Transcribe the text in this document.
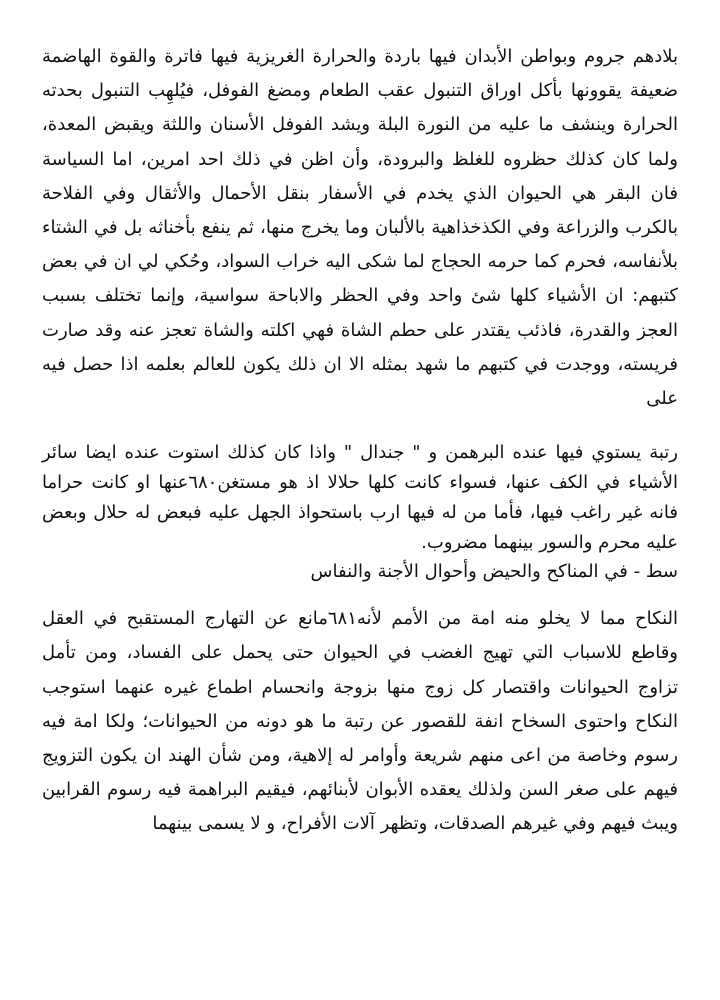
بلادهم جروم وبواطن الأبدان فيها باردة والحرارة الغريزية فيها فاترة والقوة الهاضمة ضعيفة يقوونها بأكل اوراق التنبول عقب الطعام ومضغ الفوفل، فيُلهِب التنبول بحدته الحرارة وينشف ما عليه من النورة البلة ويشد الفوفل الأسنان واللثة ويقبض المعدة، ولما كان كذلك حظروه للغلظ والبرودة، وأن اظن في ذلك احد امرين، اما السياسة فان البقر هي الحيوان الذي يخدم في الأسفار بنقل الأحمال والأثقال وفي الفلاحة بالكرب والزراعة وفي الكذخذاهية بالألبان وما يخرج منها، ثم ينفع بأخناثه بل في الشتاء بلأنفاسه، فحرم كما حرمه الحجاج لما شكى اليه خراب السواد، وحُكي لي ان في بعض كتبهم: ان الأشياء كلها شئ واحد وفي الحظر والاباحة سواسية، وإنما تختلف بسبب العجز والقدرة، فاذئب يقتدر على حطم الشاة فهي اكلته والشاة تعجز عنه وقد صارت فريسته، ووجدت في كتبهم ما شهد بمثله الا ان ذلك يكون للعالم بعلمه اذا حصل فيه على

رتبة يستوي فيها عنده البرهمن و " جندال " واذا كان كذلك استوت عنده ايضا سائر الأشياء في الكف عنها، فسواء كانت كلها حلالا اذ هو مستغن٦٨٠عنها او كانت حراما فانه غير راغب فيها، فأما من له فيها ارب باستحواذ الجهل عليه فبعض له حلال وبعض عليه محرم والسور بينهما مضروب.

سط - في المناكح والحيض وأحوال الأجنة والنفاس

النكاح مما لا يخلو منه امة من الأمم لأنه٦٨١مانع عن التهارج المستقبح في العقل وقاطع للاسباب التي تهيج الغضب في الحيوان حتى يحمل على الفساد، ومن تأمل تزاوج الحيوانات واقتصار كل زوج منها بزوجة وانحسام اطماع غيره عنهما استوجب النكاح واحتوى السخاح انفة للقصور عن رتبة ما هو دونه من الحيوانات؛ ولكا امة فيه رسوم وخاصة من اعى منهم شريعة وأوامر له إلاهية، ومن شأن الهند ان يكون التزويج فيهم على صغر السن ولذلك يعقده الأبوان لأبنائهم، فيقيم البراهمة فيه رسوم القرابين ويبث فيهم وفي غيرهم الصدقات، وتظهر آلات الأفراح، و لا يسمى بينهما
